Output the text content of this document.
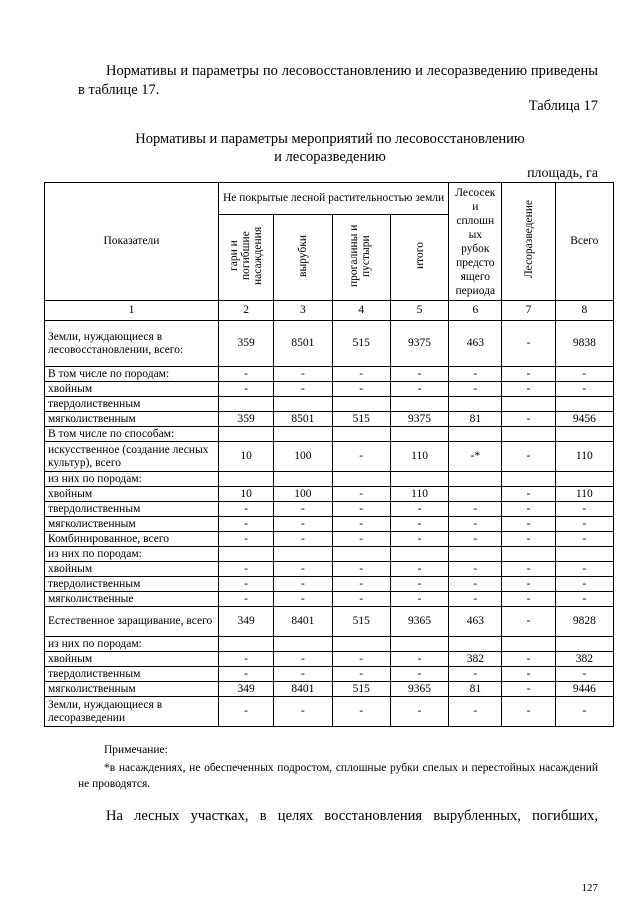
Нормативы и параметры по лесовосстановлению и лесоразведению приведены в таблице 17.
Таблица 17
Нормативы и параметры мероприятий по лесовосстановлению
и лесоразведению
площадь, га
Показатели	Не покрытые лесной растительностью земли				Лесосек и сплошн ых рубок предсто ящего периода	Лесоразведение	Всего
	гари и погибшие насаждения	вырубки	прогалины и пустыри	итого			
1	2	3	4	5	6	7	8
Земли, нуждающиеся в лесовосстановлении, всего:	359	8501	515	9375	463	-	9838
В том числе по породам:	-	-	-	-	-	-	-
хвойным	-	-	-	-	-	-	-
твердолиственным							
мягколиственным	359	8501	515	9375	81	-	9456
В том числе по способам:							
искусственное (создание лесных культур), всего	10	100	-	110	-*	-	110
из них по породам:							
хвойным	10	100	-	110		-	110
твердолиственным	-	-	-	-	-	-	-
мягколиственным	-	-	-	-	-	-	-
Комбинированное, всего	-	-	-	-	-	-	-
из них по породам:							
хвойным	-	-	-	-	-	-	-
твердолиственным	-	-	-	-	-	-	-
мягколиственные	-	-	-	-	-	-	-
Естественное заращивание, всего	349	8401	515	9365	463	-	9828
из них по породам:							
хвойным	-	-	-	-	382	-	382
твердолиственным	-	-	-	-	-	-	-
мягколиственным	349	8401	515	9365	81	-	9446
Земли, нуждающиеся в лесоразведении	-	-	-	-	-	-	-
Примечание:
*в насаждениях, не обеспеченных подростом, сплошные рубки спелых и перестойных насаждений не проводятся.
На лесных участках, в целях восстановления вырубленных, погибших,
127
